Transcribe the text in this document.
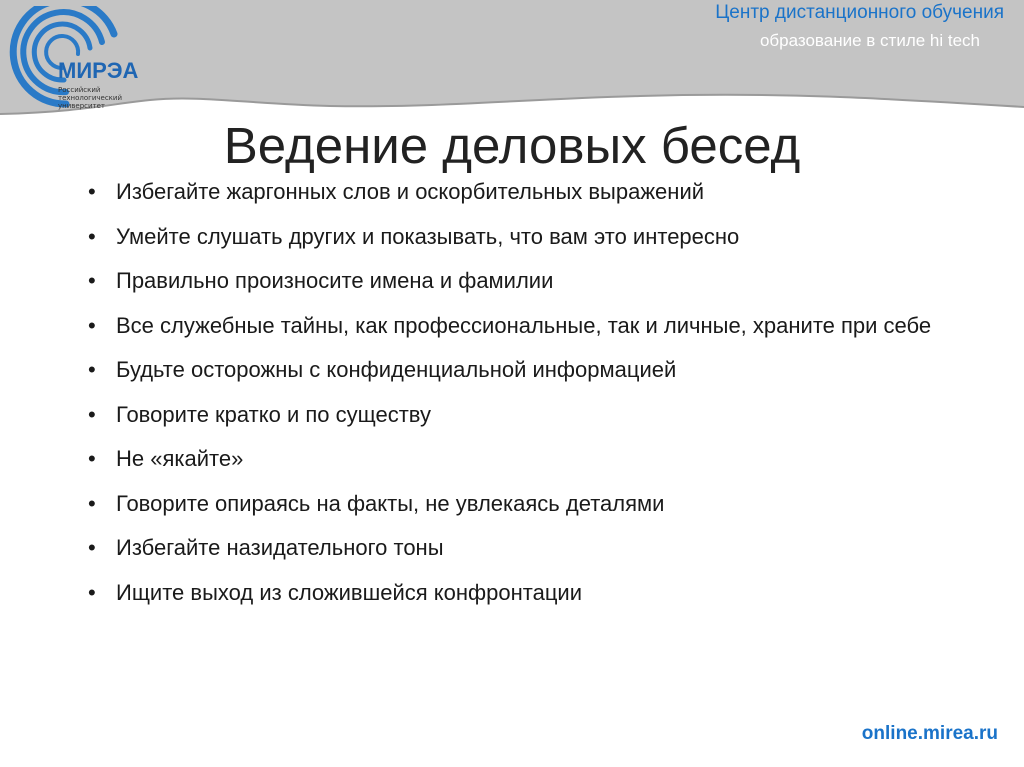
МИРЭА
Российский технологический университет
Центр дистанционного обучения
образование в стиле hi tech
Ведение деловых бесед
• Избегайте жаргонных слов и оскорбительных выражений
• Умейте слушать других и показывать, что вам это интересно
• Правильно произносите имена и фамилии
• Все служебные тайны, как профессиональные, так и личные, храните при себе
• Будьте осторожны с конфиденциальной информацией
• Говорите кратко и по существу
• Не «якайте»
• Говорите опираясь на факты, не увлекаясь деталями
• Избегайте назидательного тоны
• Ищите выход из сложившейся конфронтации
online.mirea.ru
